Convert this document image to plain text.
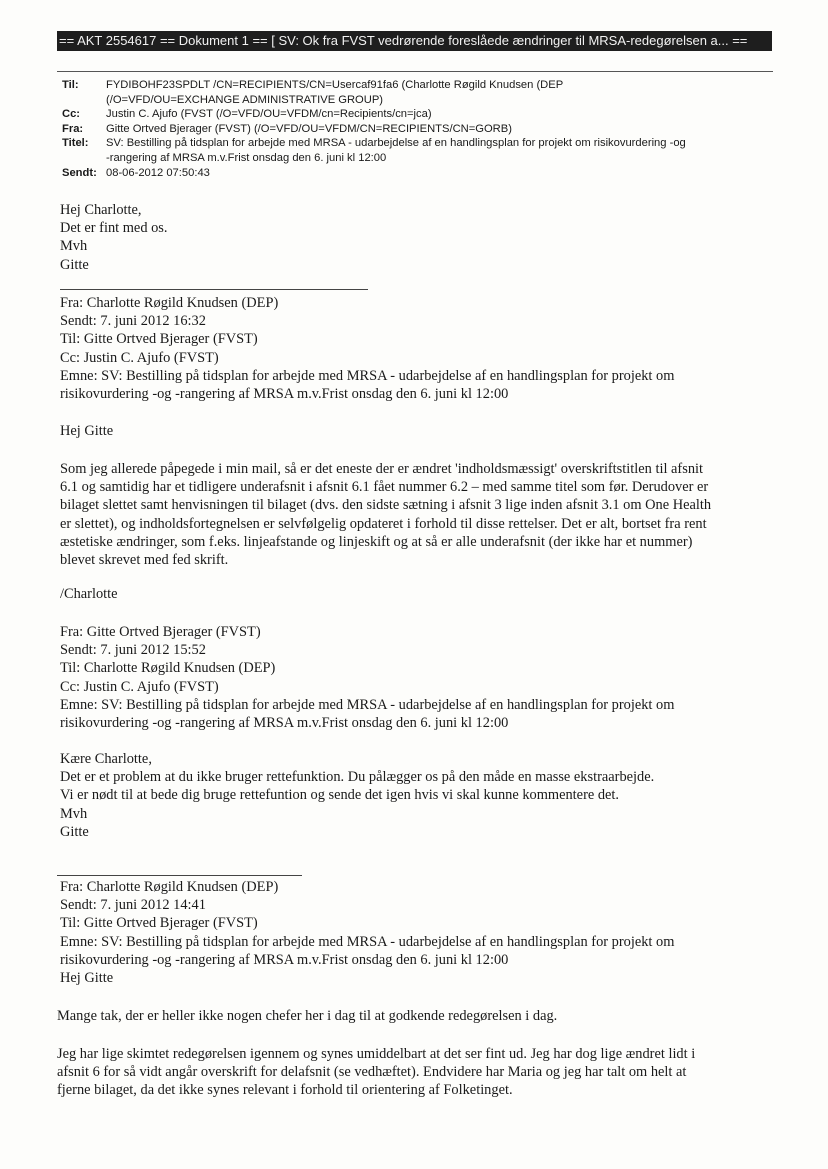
== AKT 2554617 == Dokument 1 == [ SV: Ok fra FVST vedrørende foreslåede ændringer til MRSA-redegørelsen a... ==
Til:	FYDIBOHF23SPDLT /CN=RECIPIENTS/CN=Usercaf91fa6 (Charlotte Røgild Knudsen (DEP
(/O=VFD/OU=EXCHANGE ADMINISTRATIVE GROUP)
Cc:	Justin C. Ajufo (FVST (/O=VFD/OU=VFDM/cn=Recipients/cn=jca)
Fra:	Gitte Ortved Bjerager (FVST) (/O=VFD/OU=VFDM/CN=RECIPIENTS/CN=GORB)
Titel:	SV: Bestilling på tidsplan for arbejde med MRSA - udarbejdelse af en handlingsplan for projekt om risikovurdering -og
-rangering af MRSA m.v.Frist onsdag den 6. juni kl 12:00
Sendt: 08-06-2012 07:50:43

Hej Charlotte,

Det er fint med os.

Mvh

Gitte

Fra: Charlotte Røgild Knudsen (DEP)

Sendt: 7. juni 2012 16:32

Til: Gitte Ortved Bjerager (FVST)

Cc: Justin C. Ajufo (FVST)

Emne: SV: Bestilling på tidsplan for arbejde med MRSA - udarbejdelse af en handlingsplan for projekt om

risikovurdering -og -rangering af MRSA m.v.Frist onsdag den 6. juni kl 12:00

Hej Gitte

Som jeg allerede påpegede i min mail, så er det eneste der er ændret 'indholdsmæssigt' overskriftstitlen til afsnit

6.1 og samtidig har et tidligere underafsnit i afsnit 6.1 fået nummer 6.2 – med samme titel som før. Derudover er

bilaget slettet samt henvisningen til bilaget (dvs. den sidste sætning i afsnit 3 lige inden afsnit 3.1 om One Health

er slettet), og indholdsfortegnelsen er selvfølgelig opdateret i forhold til disse rettelser. Det er alt, bortset fra rent

æstetiske ændringer, som f.eks. linjeafstande og linjeskift og at så er alle underafsnit (der ikke har et nummer)

blevet skrevet med fed skrift.

/Charlotte

Fra: Gitte Ortved Bjerager (FVST)

Sendt: 7. juni 2012 15:52

Til: Charlotte Røgild Knudsen (DEP)

Cc: Justin C. Ajufo (FVST)

Emne: SV: Bestilling på tidsplan for arbejde med MRSA - udarbejdelse af en handlingsplan for projekt om

risikovurdering -og -rangering af MRSA m.v.Frist onsdag den 6. juni kl 12:00

Kære Charlotte,

Det er et problem at du ikke bruger rettefunktion. Du pålægger os på den måde en masse ekstraarbejde.

Vi er nødt til at bede dig bruge rettefuntion og sende det igen hvis vi skal kunne kommentere det.

Mvh

Gitte

Fra: Charlotte Røgild Knudsen (DEP)

Sendt: 7. juni 2012 14:41

Til: Gitte Ortved Bjerager (FVST)

Emne: SV: Bestilling på tidsplan for arbejde med MRSA - udarbejdelse af en handlingsplan for projekt om

risikovurdering -og -rangering af MRSA m.v.Frist onsdag den 6. juni kl 12:00

Hej Gitte

Mange tak, der er heller ikke nogen chefer her i dag til at godkende redegørelsen i dag.

Jeg har lige skimtet redegørelsen igennem og synes umiddelbart at det ser fint ud. Jeg har dog lige ændret lidt i

afsnit 6 for så vidt angår overskrift for delafsnit (se vedhæftet). Endvidere har Maria og jeg har talt om helt at

fjerne bilaget, da det ikke synes relevant i forhold til orientering af Folketinget.
